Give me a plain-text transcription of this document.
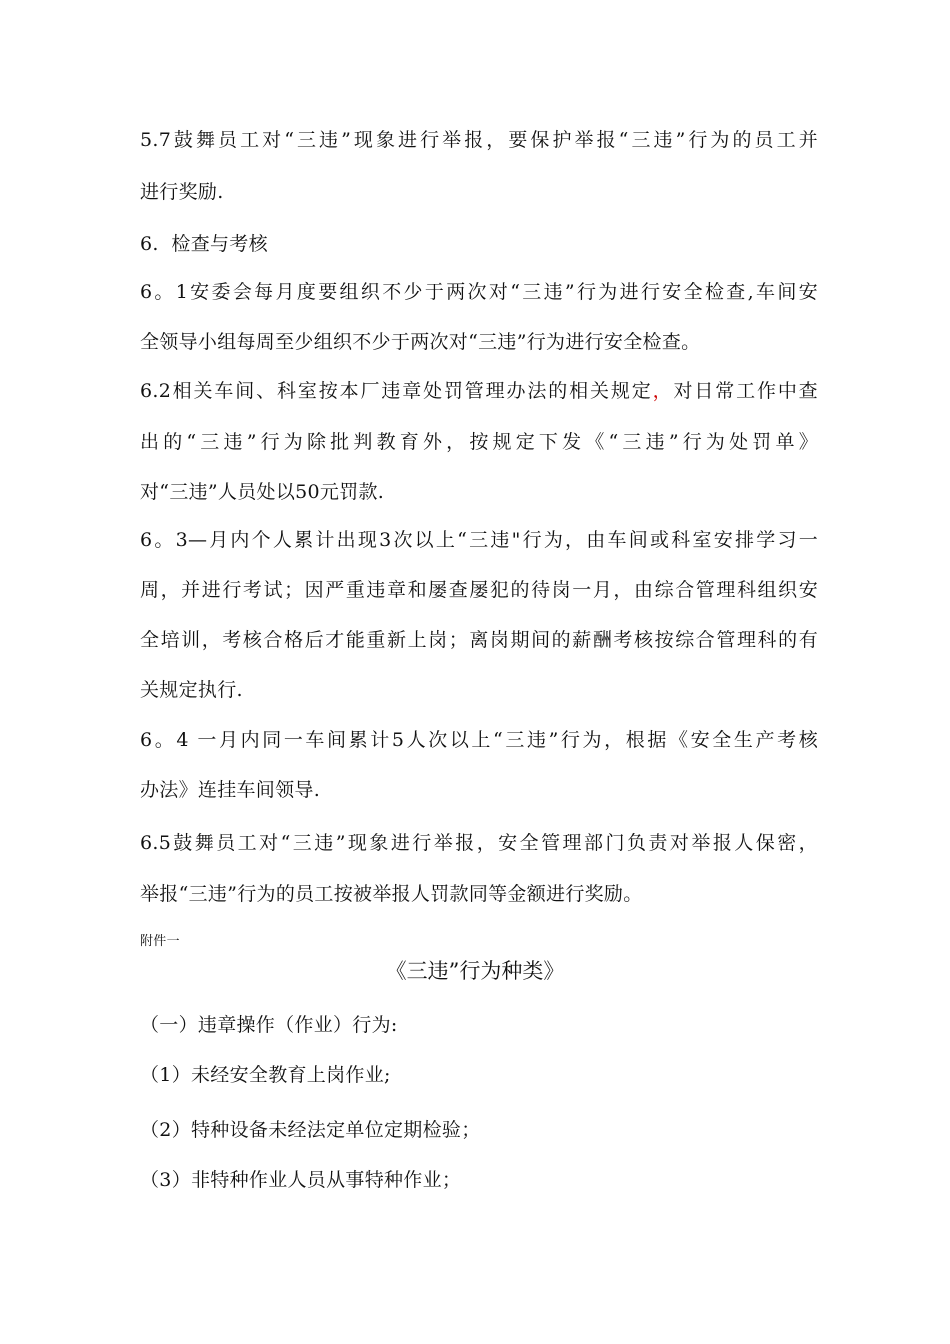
5.7鼓舞员工对“三违”现象进行举报，要保护举报“三违”行为的员工并
进行奖励.
6.  检查与考核
6。1安委会每月度要组织不少于两次对“三违”行为进行安全检查,车间安
全领导小组每周至少组织不少于两次对“三违”行为进行安全检查。
6.2相关车间、科室按本厂违章处罚管理办法的相关规定，对日常工作中查
出的“三违”行为除批判教育外，按规定下发《“三违”行为处罚单》
对“三违”人员处以50元罚款.
6。3—月内个人累计出现3次以上“三违"行为，由车间或科室安排学习一
周，并进行考试；因严重违章和屡查屡犯的待岗一月，由综合管理科组织安
全培训，考核合格后才能重新上岗；离岗期间的薪酬考核按综合管理科的有
关规定执行.
6。4 一月内同一车间累计5人次以上“三违”行为，根据《安全生产考核
办法》连挂车间领导.
6.5鼓舞员工对“三违”现象进行举报，安全管理部门负责对举报人保密，
举报“三违”行为的员工按被举报人罚款同等金额进行奖励。
附件一
《三违”行为种类》
（一）违章操作（作业）行为:
（1）未经安全教育上岗作业;
（2）特种设备未经法定单位定期检验；
（3）非特种作业人员从事特种作业；
